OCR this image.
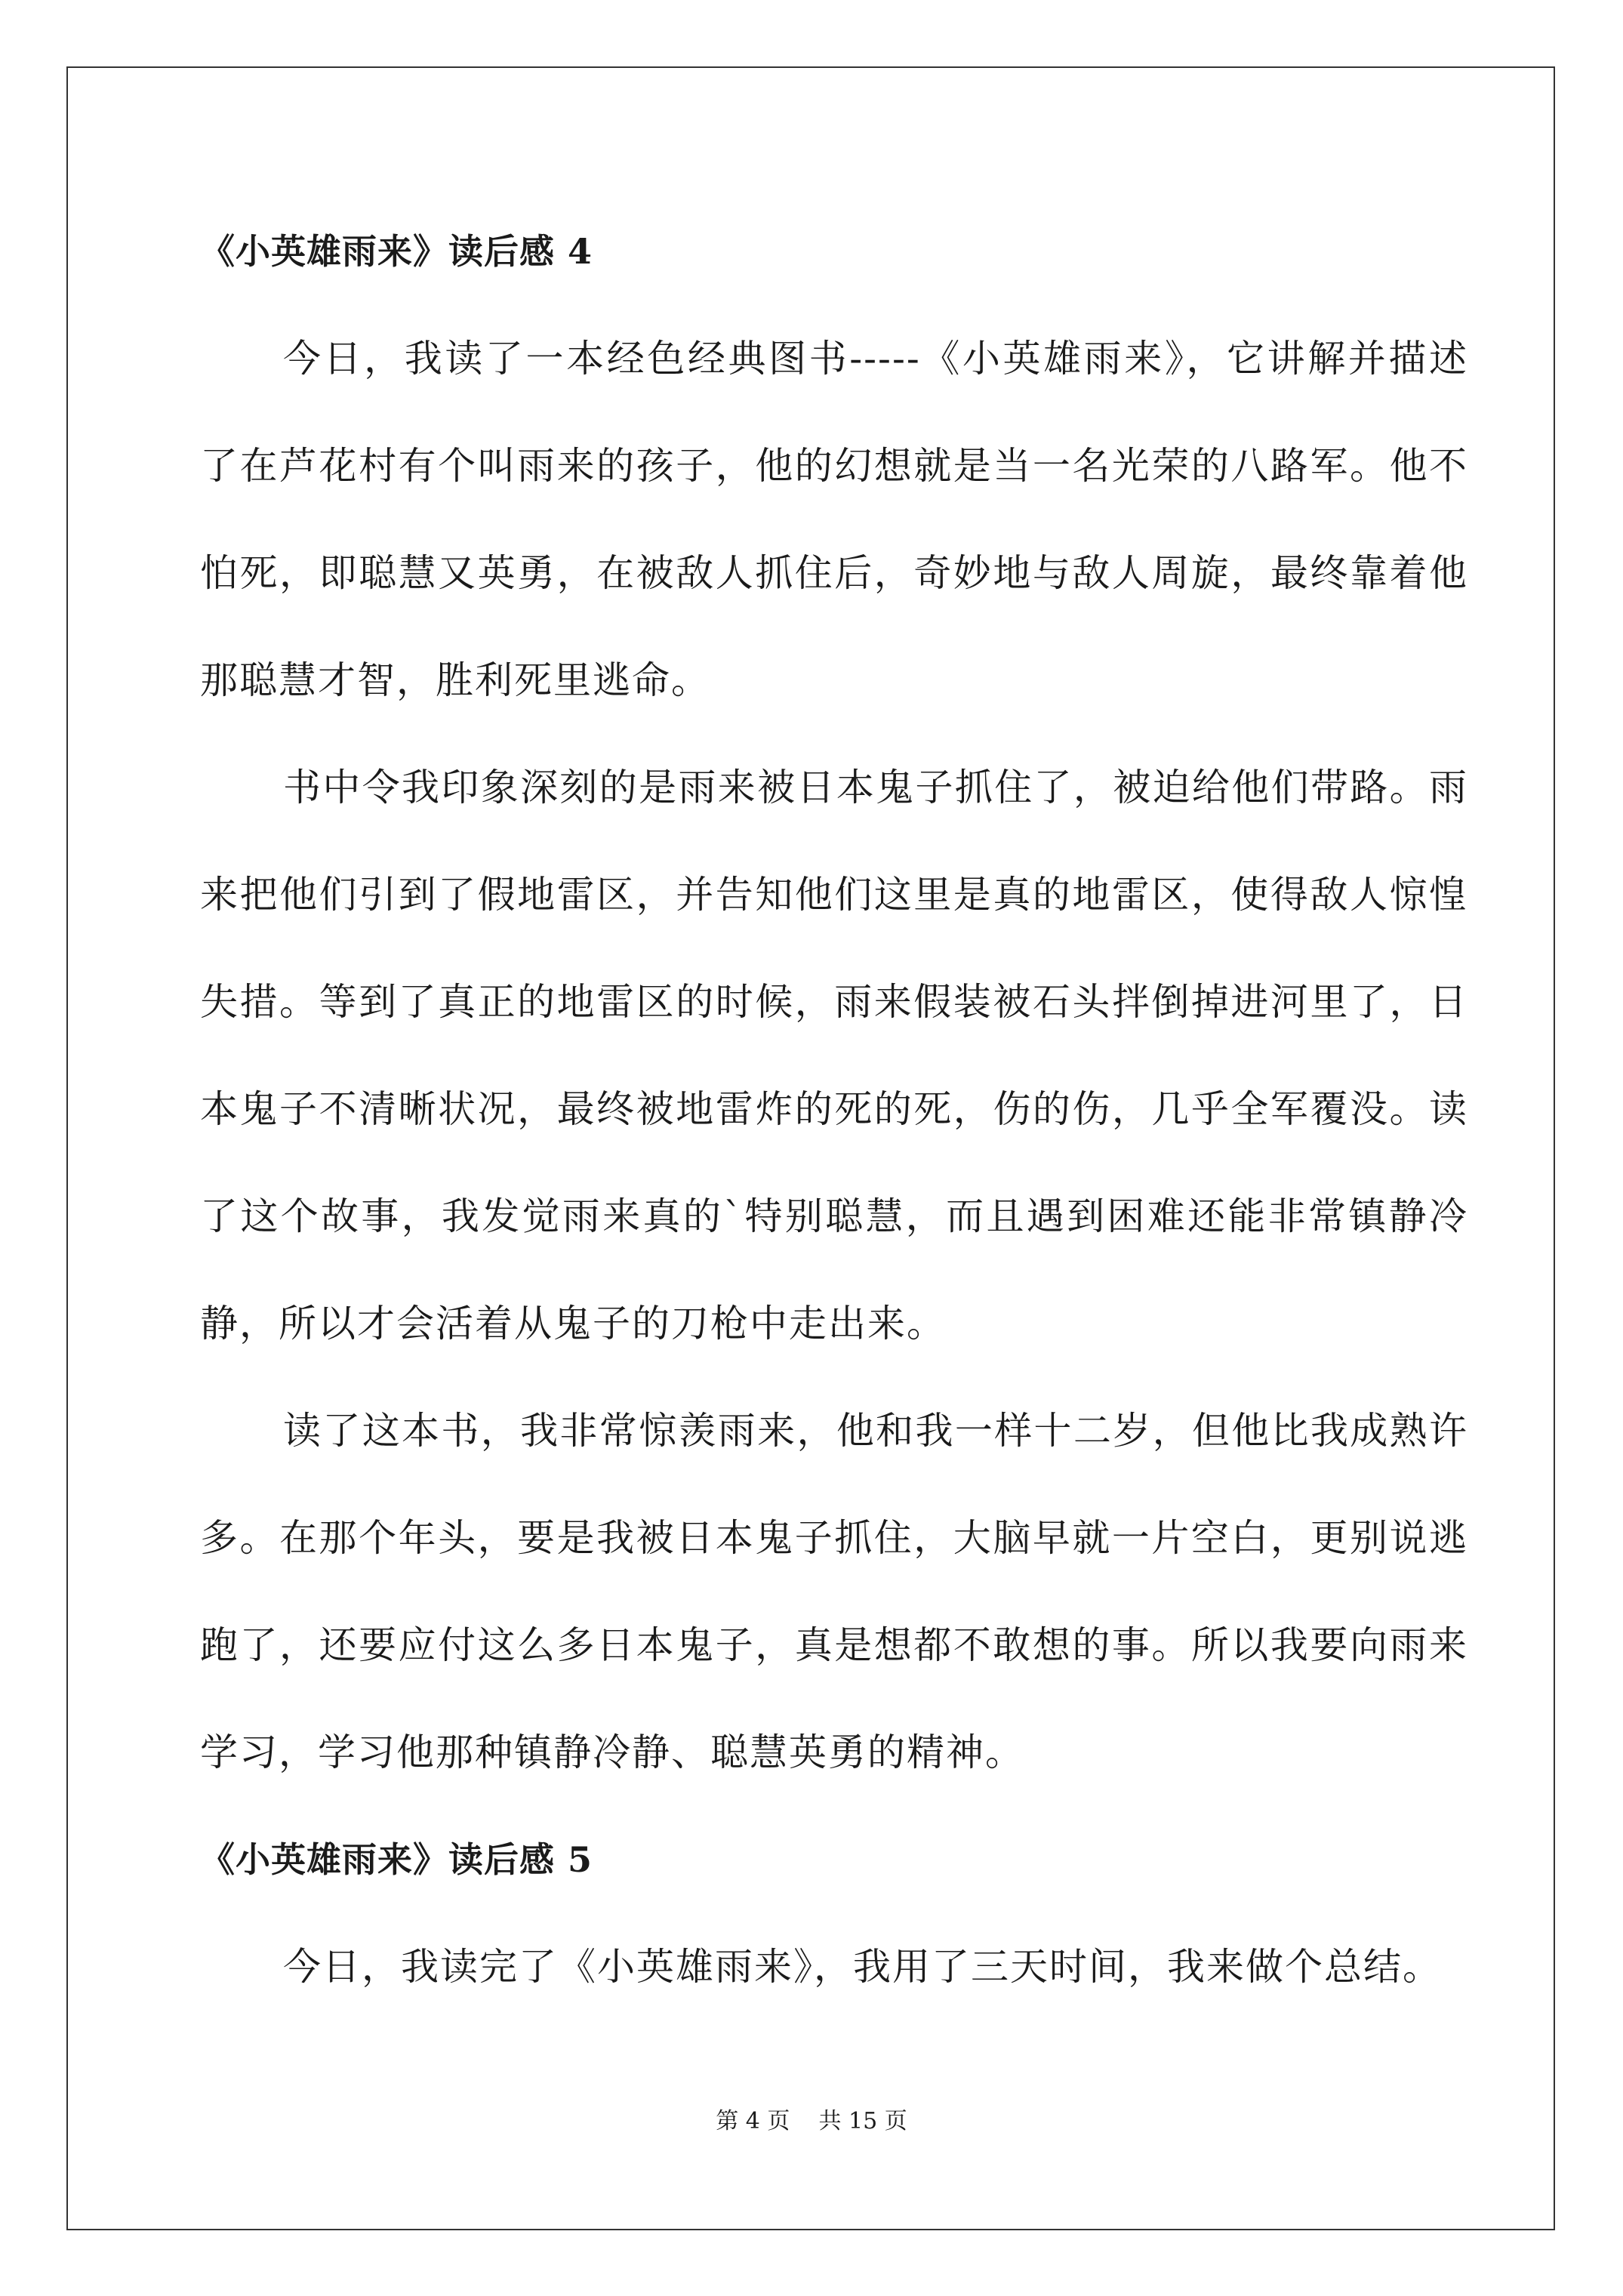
《小英雄雨来》读后感 4

今日，我读了一本经色经典图书-----《小英雄雨来》，它讲解并描述了在芦花村有个叫雨来的孩子，他的幻想就是当一名光荣的八路军。他不怕死，即聪慧又英勇，在被敌人抓住后，奇妙地与敌人周旋，最终靠着他那聪慧才智，胜利死里逃命。

书中令我印象深刻的是雨来被日本鬼子抓住了，被迫给他们带路。雨来把他们引到了假地雷区，并告知他们这里是真的地雷区，使得敌人惊惶失措。等到了真正的地雷区的时候，雨来假装被石头拌倒掉进河里了，日本鬼子不清晰状况，最终被地雷炸的死的死，伤的伤，几乎全军覆没。读了这个故事，我发觉雨来真的`特别聪慧，而且遇到困难还能非常镇静冷静，所以才会活着从鬼子的刀枪中走出来。

读了这本书，我非常惊羡雨来，他和我一样十二岁，但他比我成熟许多。在那个年头，要是我被日本鬼子抓住，大脑早就一片空白，更别说逃跑了，还要应付这么多日本鬼子，真是想都不敢想的事。所以我要向雨来学习，学习他那种镇静冷静、聪慧英勇的精神。

《小英雄雨来》读后感 5

今日，我读完了《小英雄雨来》，我用了三天时间，我来做个总结。

第 4 页    共 15 页
